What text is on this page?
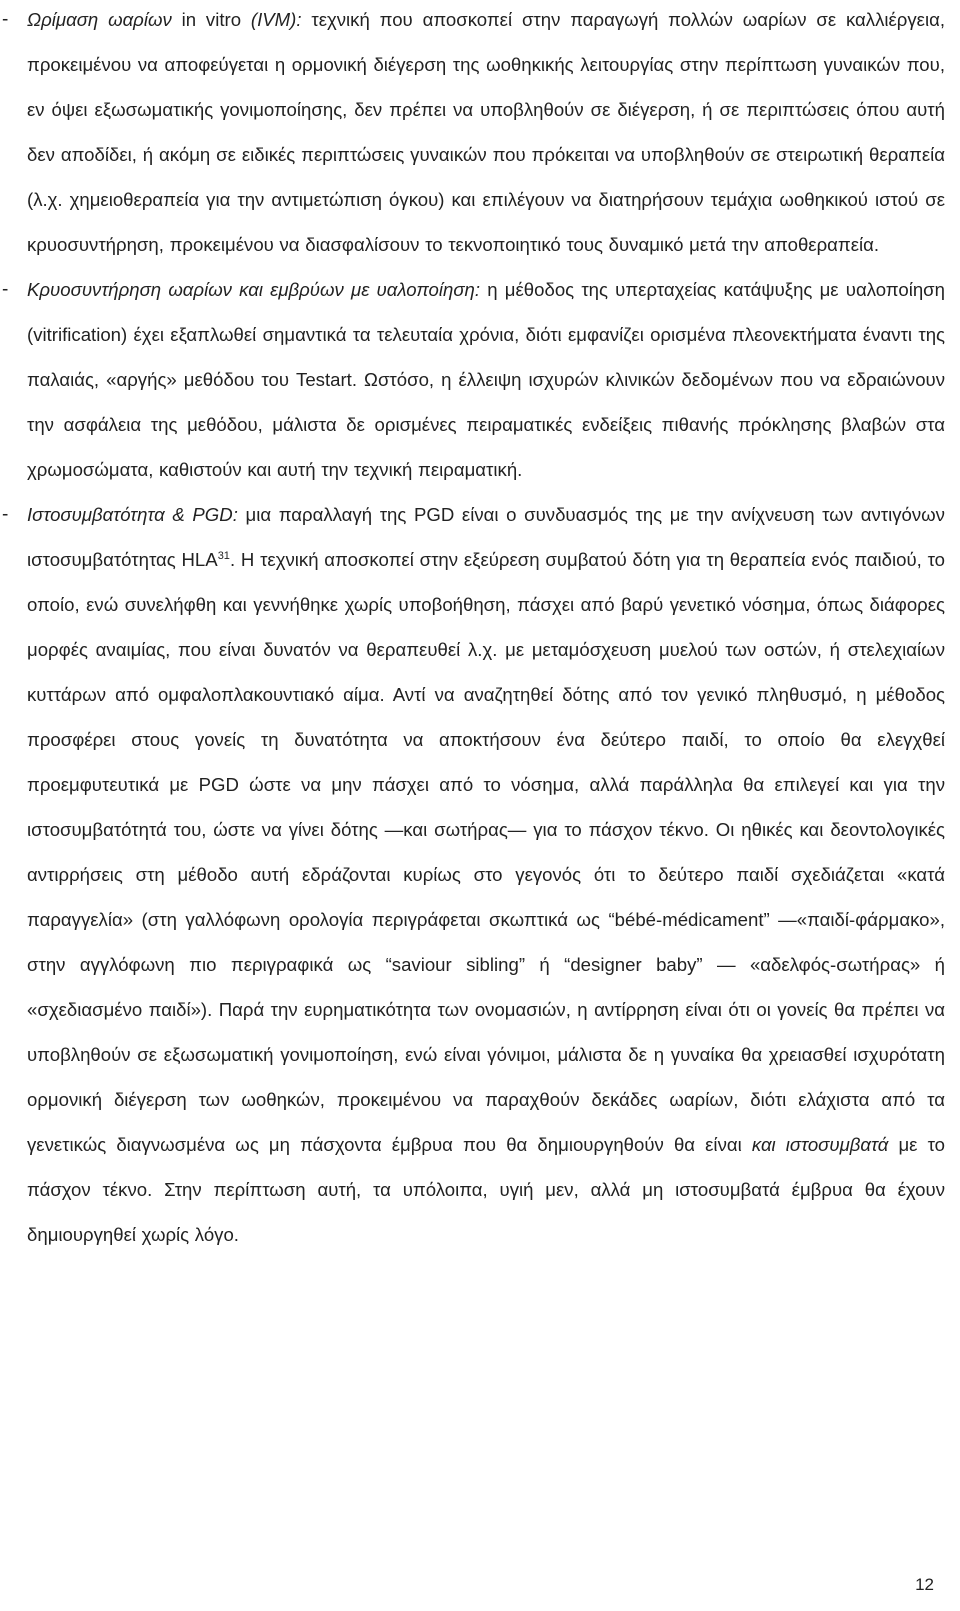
-	Ωρίμαση ωαρίων in vitro (IVM): τεχνική που αποσκοπεί στην παραγωγή πολλών ωαρίων σε καλλιέργεια, προκειμένου να αποφεύγεται η ορμονική διέγερση της ωοθηκικής λειτουργίας στην περίπτωση γυναικών που, εν όψει εξωσωματικής γονιμοποίησης, δεν πρέπει να υποβληθούν σε διέγερση, ή σε περιπτώσεις όπου αυτή δεν αποδίδει, ή ακόμη σε ειδικές περιπτώσεις γυναικών που πρόκειται να υποβληθούν σε στειρωτική θεραπεία (λ.χ. χημειοθεραπεία για την αντιμετώπιση όγκου) και επιλέγουν να διατηρήσουν τεμάχια ωοθηκικού ιστού σε κρυοσυντήρηση, προκειμένου να διασφαλίσουν το τεκνοποιητικό τους δυναμικό μετά την αποθεραπεία.

-	Κρυοσυντήρηση ωαρίων και εμβρύων με υαλοποίηση: η μέθοδος της υπερταχείας κατάψυξης με υαλοποίηση (vitrification) έχει εξαπλωθεί σημαντικά τα τελευταία χρόνια, διότι εμφανίζει ορισμένα πλεονεκτήματα έναντι της παλαιάς, «αργής» μεθόδου του Testart. Ωστόσο, η έλλειψη ισχυρών κλινικών δεδομένων που να εδραιώνουν την ασφάλεια της μεθόδου, μάλιστα δε ορισμένες πειραματικές ενδείξεις πιθανής πρόκλησης βλαβών στα χρωμοσώματα, καθιστούν και αυτή την τεχνική πειραματική.

-	Ιστοσυμβατότητα & PGD: μια παραλλαγή της PGD είναι ο συνδυασμός της με την ανίχνευση των αντιγόνων ιστοσυμβατότητας HLA$^{31}$. Η τεχνική αποσκοπεί στην εξεύρεση συμβατού δότη για τη θεραπεία ενός παιδιού, το οποίο, ενώ συνελήφθη και γεννήθηκε χωρίς υποβοήθηση, πάσχει από βαρύ γενετικό νόσημα, όπως διάφορες μορφές αναιμίας, που είναι δυνατόν να θεραπευθεί λ.χ. με μεταμόσχευση μυελού των οστών, ή στελεχιαίων κυττάρων από ομφαλοπλακουντιακό αίμα. Αντί να αναζητηθεί δότης από τον γενικό πληθυσμό, η μέθοδος προσφέρει στους γονείς τη δυνατότητα να αποκτήσουν ένα δεύτερο παιδί, το οποίο θα ελεγχθεί προεμφυτευτικά με PGD ώστε να μην πάσχει από το νόσημα, αλλά παράλληλα θα επιλεγεί και για την ιστοσυμβατότητά του, ώστε να γίνει δότης —και σωτήρας— για το πάσχον τέκνο. Οι ηθικές και δεοντολογικές αντιρρήσεις στη μέθοδο αυτή εδράζονται κυρίως στο γεγονός ότι το δεύτερο παιδί σχεδιάζεται «κατά παραγγελία» (στη γαλλόφωνη ορολογία περιγράφεται σκωπτικά ως “bébé-médicament” —«παιδί-φάρμακο», στην αγγλόφωνη πιο περιγραφικά ως “saviour sibling” ή “designer baby” — «αδελφός-σωτήρας» ή «σχεδιασμένο παιδί»). Παρά την ευρηματικότητα των ονομασιών, η αντίρρηση είναι ότι οι γονείς θα πρέπει να υποβληθούν σε εξωσωματική γονιμοποίηση, ενώ είναι γόνιμοι, μάλιστα δε η γυναίκα θα χρειασθεί ισχυρότατη ορμονική διέγερση των ωοθηκών, προκειμένου να παραχθούν δεκάδες ωαρίων, διότι ελάχιστα από τα γενετικώς διαγνωσμένα ως μη πάσχοντα έμβρυα που θα δημιουργηθούν θα είναι και ιστοσυμβατά με το πάσχον τέκνο. Στην περίπτωση αυτή, τα υπόλοιπα, υγιή μεν, αλλά μη ιστοσυμβατά έμβρυα θα έχουν δημιουργηθεί χωρίς λόγο.

12
